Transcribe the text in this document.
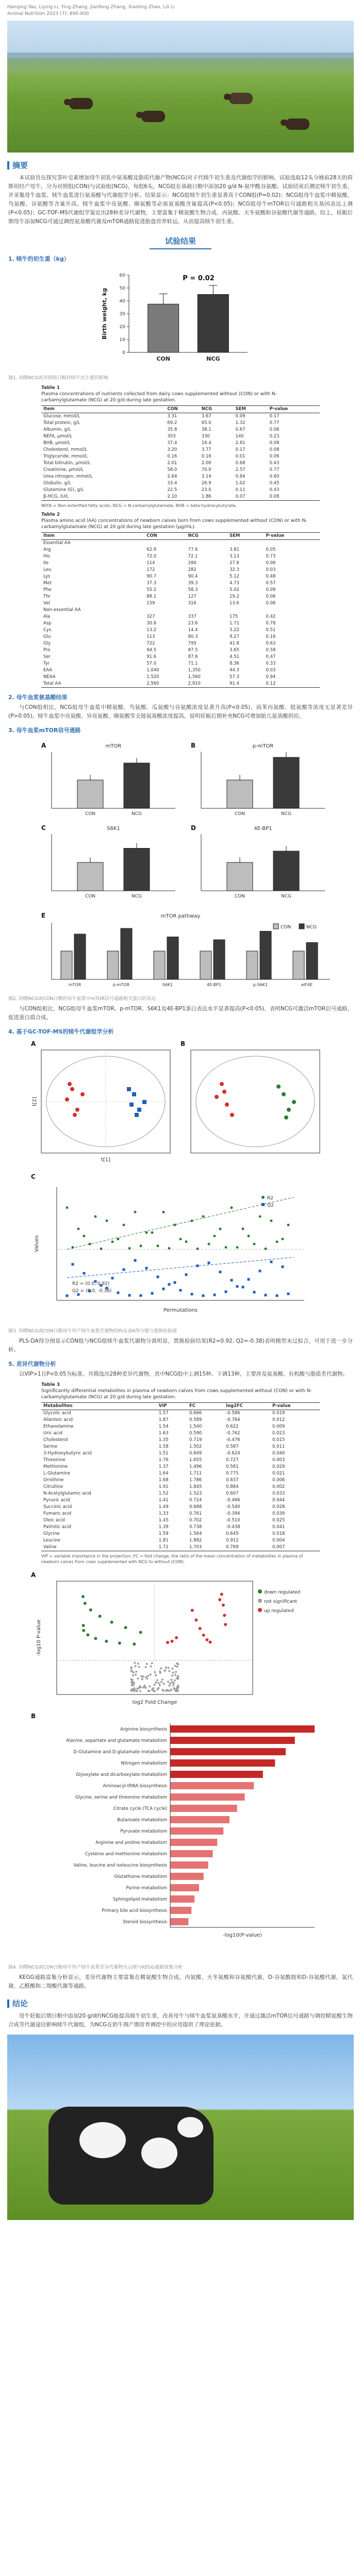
Hanqing Yao, Liying Li, Ying Zhang, Jianfeng Zhang, Xiaoling Zhao, Lili Li
Animal Nutrition 2023 (7): 890-900
摘要
本试验旨在探究茶叶皂素增加母牛初乳中氨基酸及脂质代谢产物(NCG)对子代犊牛初生重及代谢组学的影响。试验选取12头分娩前28天的荷斯坦经产母牛，分为对照组(CON)与试验组(NCG)，每组6头，NCG组在基础日粮中添加20 g/d N-氨甲酰谷氨酸。试验结束后测定犊牛初生重，并采集母牛血浆、犊牛血浆进行氨基酸与代谢组学分析。结果显示：NCG组犊牛初生重显著高于CON组(P=0.02)；NCG组母牛血浆中精氨酸、鸟氨酸、谷氨酸等含量升高，犊牛血浆中亮氨酸、缬氨酸等必需氨基酸含量提高(P<0.05)；NCG组母牛mTOR信号通路相关基因表达上调(P<0.05)；GC-TOF-MS代谢组学鉴定出28种差异代谢物，主要富集于精氨酸生物合成、丙氨酸、天冬氨酸和谷氨酸代谢等通路。综上，妊娠后期母牛添加NCG可通过调控氨基酸代谢及mTOR通路促进胎盘营养转运，从而提高犊牛初生重。
试验结果
1. 犊牛的初生重（kg）
0
10
20
30
40
50
60
Birth weight, kg
CON	NCG
P = 0.02
图1. 饲喂NCG或对照组日粮对犊牛出生重的影响
Table 1
Plasma concentrations of nutrients collected from dairy cows supplemented without (CON) or with N-carbamylglutamate (NCG) at 20 g/d during late gestation.
Item	CON	NCG	SEM	P-value
Glucose, mmol/L	3.31	3.67	0.09	0.17
Total protein, g/L	69.2	65.0	1.32	0.77
Albumin, g/L	35.8	38.1	0.67	0.06
NEFA, µmol/L	303	330	140	0.23
BHB, µmol/L	37.4	16.4	2.81	0.08
Cholesterol, mmol/L	3.20	3.77	0.17	0.08
Triglyceride, mmol/L	0.16	0.16	0.01	0.06
Total bilirubin, µmol/L	2.01	2.00	0.68	0.43
Creatinine, µmol/L	58.0	70.0	2.57	0.77
Urea nitrogen, mmol/L	2.64	3.14	0.84	0.60
Globulin, g/L	33.4	26.9	1.02	0.45
Glutamine (G), g/L	22.5	23.0	0.11	0.43
β-HCG, IU/L	2.10	1.86	0.07	0.08
NEFA = Non-esterified fatty acids; NCG = N-carbamylglutamate; BHB = beta-hydroxybutyrate.
Table 2
Plasma amino acid (AA) concentrations of newborn calves born from cows supplemented without (CON) or with N-carbamylglutamate (NCG) at 20 g/d during late gestation (µg/mL).
Item	CON	NCG	SEM	P-value
Essential AA				
Arg	62.9	77.6	3.81	0.05
His	72.0	72.1	3.13	0.73
Ile	114	280	27.6	0.06
Leu	172	282	32.3	0.03
Lys	90.7	90.4	5.12	0.48
Met	37.3	39.3	4.73	0.57
Phe	55.2	58.3	5.02	0.09
Thr	88.1	127	19.2	0.06
Val	159	316	13.6	0.06
Non-essential AA				
Ala	327	337	175	0.42
Asp	30.6	23.6	1.71	0.78
Cys	13.2	14.4	3.22	0.51
Glu	113	80.3	9.27	0.16
Gly	722	795	41.6	0.63
Pro	94.5	87.5	3.65	0.58
Ser	91.6	87.6	4.51	0.47
Tyr	57.0	71.1	8.36	0.33
EAA	1,040	1,350	44.3	0.03
NEAA	1,520	1,560	57.3	0.94
Total AA	2,560	2,910	91.4	0.12
2. 母牛血浆氨基酸结果
与CON组相比，NCG组母牛血浆中精氨酸、鸟氨酸、瓜氨酸与谷氨酸浓度显著升高(P<0.05)，而苯丙氨酸、组氨酸等浓度无显著差异(P>0.05)。犊牛血浆中亮氨酸、异亮氨酸、缬氨酸等支链氨基酸浓度提高，说明妊娠后期补充NCG可增加胎儿氨基酸供给。
3. 母牛血浆mTOR信号通路
A	mTOR
CON	NCG
B	p-mTOR
CON	NCG
C	S6K1
CON	NCG
D	4E-BP1
CON	NCG
E	mTOR pathway
mTOR	p-mTOR	S6K1	4E-BP1	p-S6K1	eIF4E
CON	NCG
图2. 饲喂NCG或CON日粮的母牛血浆中mTOR信号通路相关蛋白的表达
与CON组相比，NCG组母牛血浆mTOR、p-mTOR、S6K1及4E-BP1蛋白表达水平显著提高(P<0.05)，表明NCG可激活mTOR信号通路，促进蛋白质合成。
4. 基于GC-TOF-MS的犊牛代谢组学分析
A
t[1]
t[2]
B
C
Permutations
Values
R2
Q2
R2 = (0.0, 0.92)
Q2 = (0.0, -0.38)
图3. 饲喂NCG或CON日粮母牛所产犊牛血浆代谢物的PLS-DA得分图与置换检验图
PLS-DA得分图显示CON组与NCG组犊牛血浆代谢物分离明显，置换检验结果(R2=0.92, Q2=-0.38)表明模型未过拟合，可用于进一步分析。
5. 差异代谢物分析
以VIP>1且P<0.05为标准，共筛选出28种差异代谢物，其中NCG组中上调15种、下调13种，主要涉及氨基酸、有机酸与脂质类代谢物。
Table 3
Significantly differential metabolites in plasma of newborn calves from cows supplemented without (CON) or with N-carbamylglutamate (NCG) at 20 g/d during late gestation.
Metabolites	VIP	FC	log2FC	P-value
Glycolic acid	1.57	0.666	-0.586	0.019
Allantoic acid	1.87	0.589	-0.764	0.012
Ethanolamine	1.54	1.540	0.622	0.009
Uric acid	1.63	0.590	-0.762	0.023
Cholesterol	1.35	0.719	-0.476	0.015
Serine	1.58	1.502	0.587	0.011
3-Hydroxybutyric acid	1.51	0.649	-0.624	0.040
Threonine	1.76	1.655	0.727	0.003
Methionine	1.37	1.496	0.581	0.029
L-Glutamine	1.64	1.711	0.775	0.021
Ornithine	1.68	1.786	0.837	0.006
Citrulline	1.91	1.845	0.884	0.002
N-Acetylglutamic acid	1.52	1.523	0.607	0.033
Pyruvic acid	1.41	0.724	-0.466	0.044
Succinic acid	1.49	0.688	-0.540	0.028
Fumaric acid	1.33	0.761	-0.394	0.039
Oleic acid	1.45	0.702	-0.510	0.025
Palmitic acid	1.39	0.738	-0.438	0.041
Glycine	1.59	1.564	0.645	0.018
Leucine	1.81	1.882	0.912	0.004
Valine	1.72	1.703	0.768	0.007
VIP = variable importance in the projection; FC = fold change, the ratio of the mean concentration of metabolites in plasma of newborn calves from cows supplemented with NCG to without (CON).
A
log2 Fold Change
-log10 P-value
down regulated
not significant
up regulated
B
Arginine biosynthesis
Alanine, aspartate and glutamate metabolism
D-Glutamine and D-glutamate metabolism
Nitrogen metabolism
Glyoxylate and dicarboxylate metabolism
Aminoacyl-tRNA biosynthesis
Glycine, serine and threonine metabolism
Citrate cycle (TCA cycle)
Butanoate metabolism
Pyruvate metabolism
Arginine and proline metabolism
Cysteine and methionine metabolism
Valine, leucine and isoleucine biosynthesis
Glutathione metabolism
Purine metabolism
Sphingolipid metabolism
Primary bile acid biosynthesis
Steroid biosynthesis
-log10(P-value)
图4. 饲喂NCG或CON日粮母牛所产犊牛血浆差异代谢物火山图与KEGG通路富集分析
KEGG通路富集分析显示，差异代谢物主要富集在精氨酸生物合成，丙氨酸、天冬氨酸和谷氨酸代谢，D-谷氨酰胺和D-谷氨酸代谢，氮代谢，乙醛酸和二羧酸代谢等通路。
结论
母牛妊娠后期日粮中添加20 g/d的NCG能提高犊牛初生重，改善母牛与犊牛血浆氨基酸水平，并通过激活mTOR信号通路与调控精氨酸生物合成等代谢途径影响犊牛代谢组，为NCG在奶牛围产期营养调控中的应用提供了理论依据。
